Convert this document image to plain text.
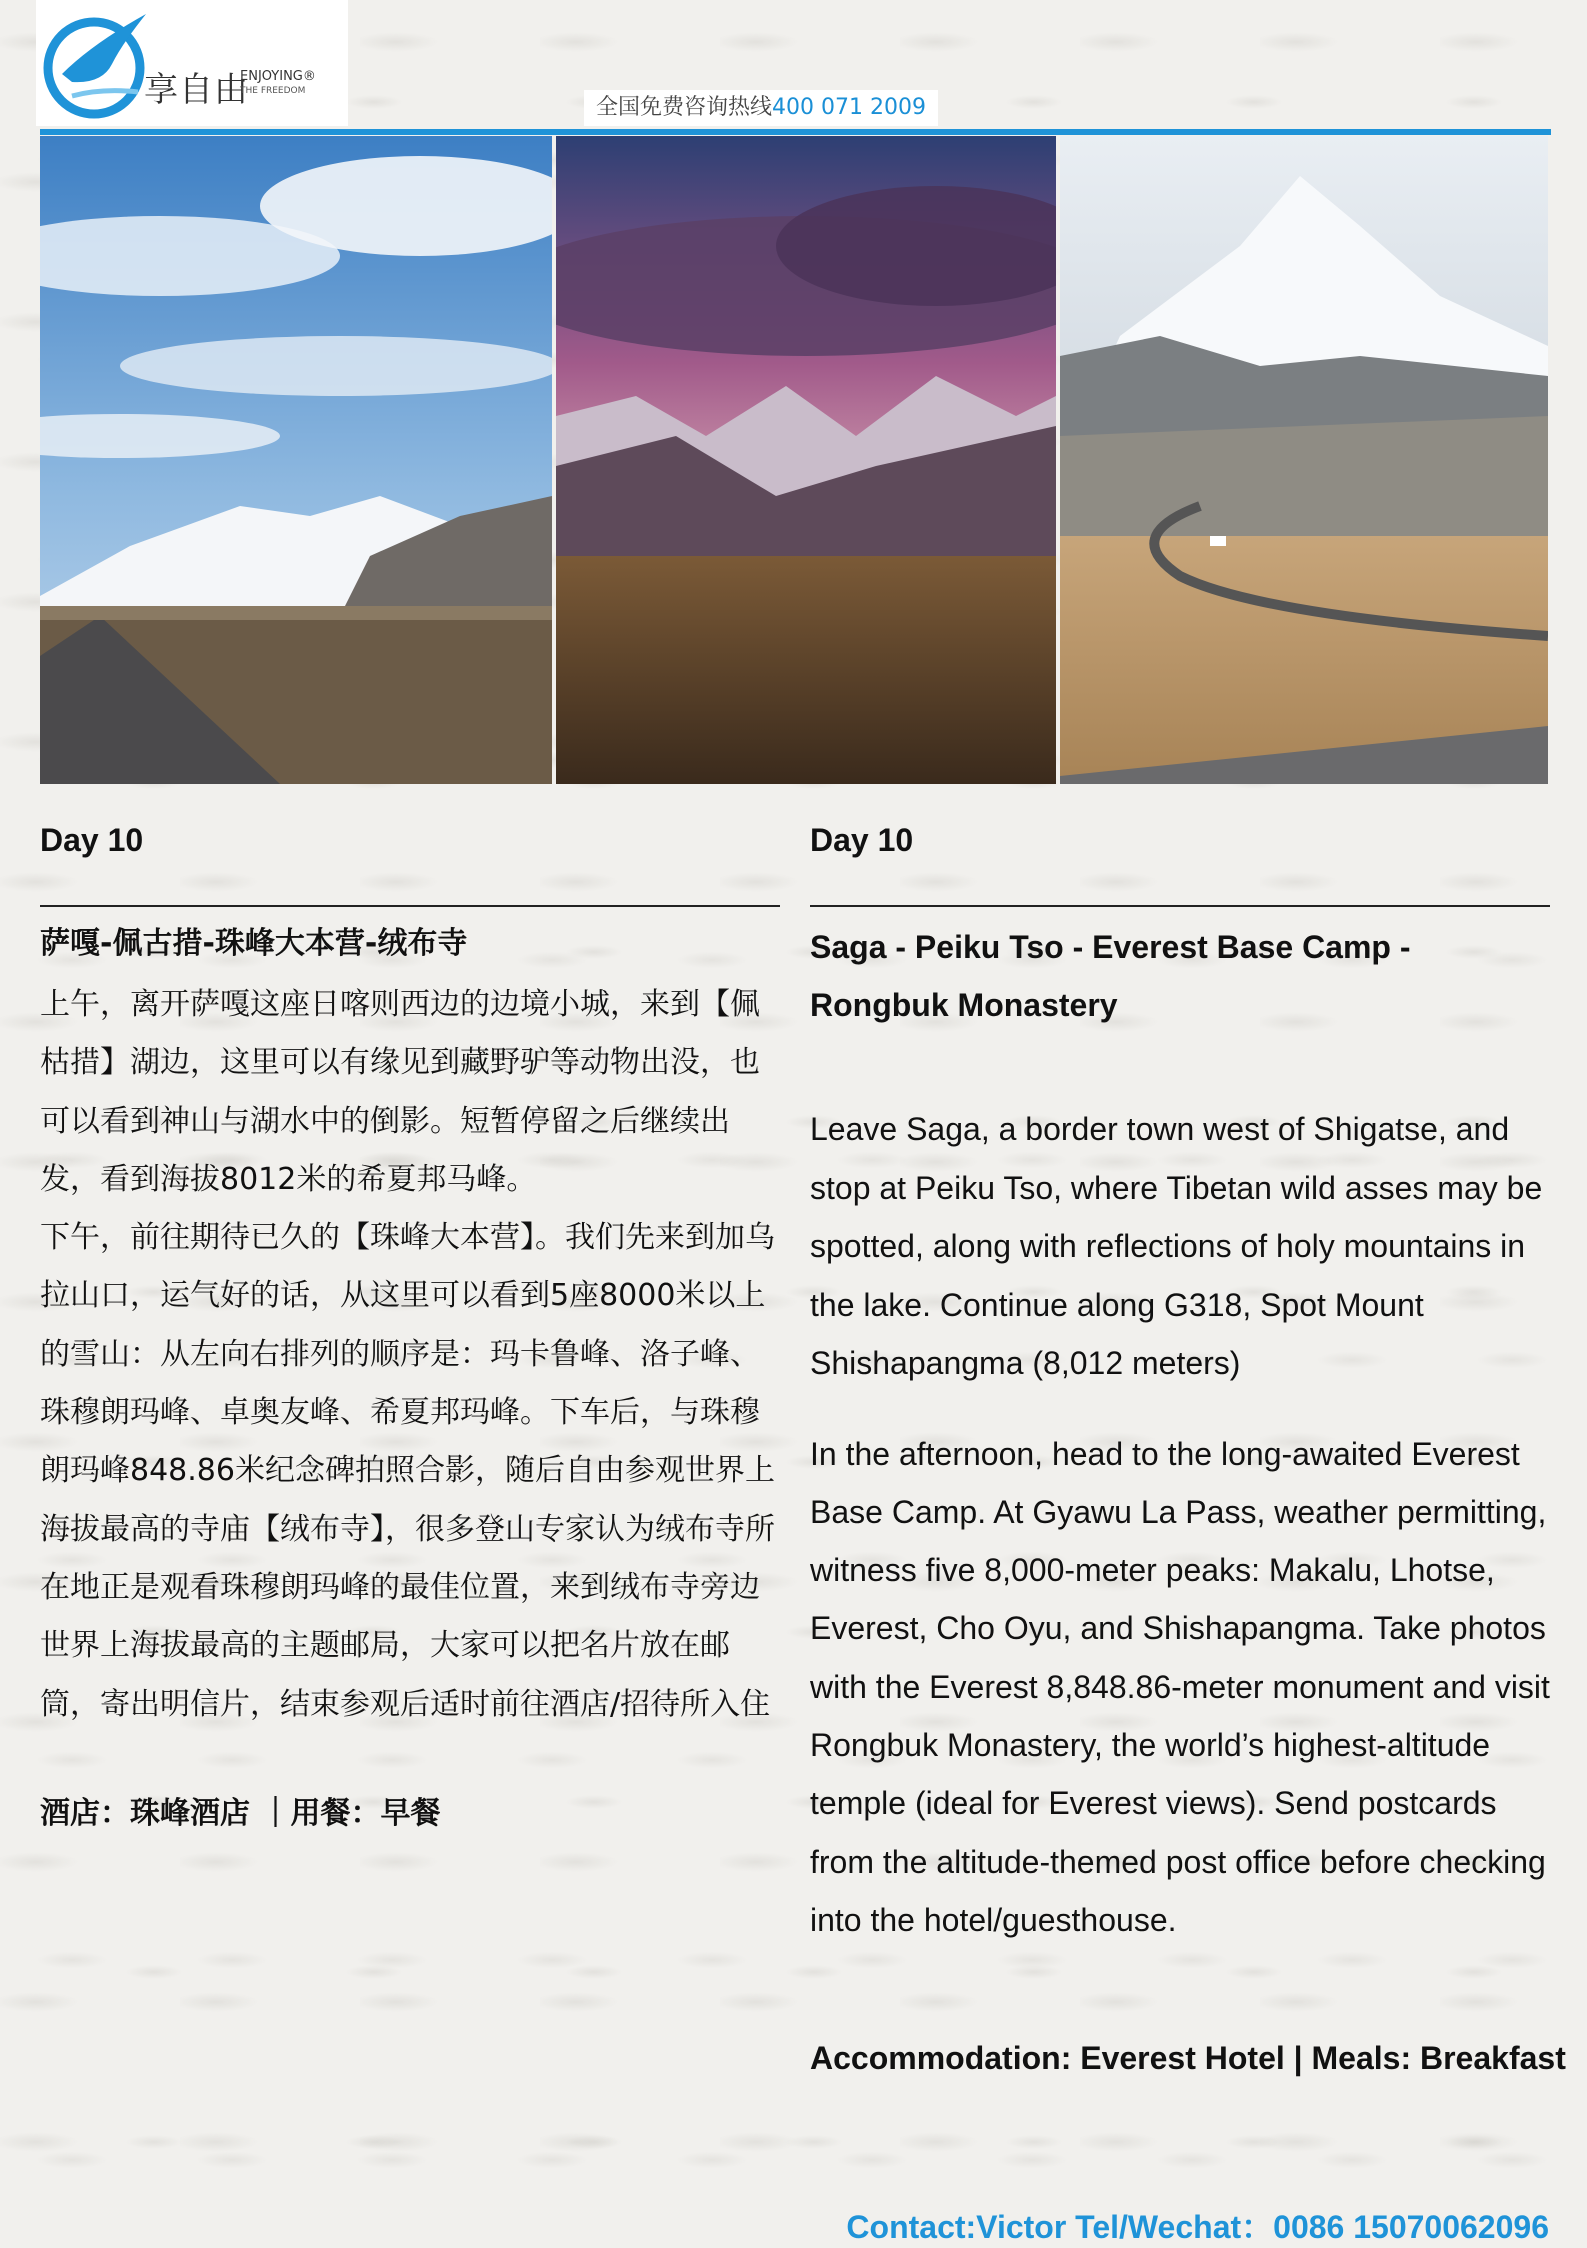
享自由
ENJOYING®
THE FREEDOM
全国免费咨询热线400 071 2009
Day 10
萨嘎-佩古措-珠峰大本营-绒布寺

上午，离开萨嘎这座日喀则西边的边境小城，来到【佩枯措】湖边，这里可以有缘见到藏野驴等动物出没，也可以看到神山与湖水中的倒影。短暂停留之后继续出发，看到海拔8012米的希夏邦马峰。

下午，前往期待已久的【珠峰大本营】。我们先来到加乌拉山口，运气好的话，从这里可以看到5座8000米以上的雪山：从左向右排列的顺序是：玛卡鲁峰、洛子峰、珠穆朗玛峰、卓奥友峰、希夏邦玛峰。下车后，与珠穆朗玛峰848.86米纪念碑拍照合影，随后自由参观世界上海拔最高的寺庙【绒布寺】，很多登山专家认为绒布寺所在地正是观看珠穆朗玛峰的最佳位置，来到绒布寺旁边世界上海拔最高的主题邮局，大家可以把名片放在邮筒，寄出明信片，结束参观后适时前往酒店/招待所入住

酒店：珠峰酒店 ｜用餐：早餐
Day 10
Saga - Peiku Tso - Everest Base Camp - Rongbuk Monastery

Leave Saga, a border town west of Shigatse, and stop at Peiku Tso, where Tibetan wild asses may be spotted, along with reflections of holy mountains in the lake. Continue along G318, Spot Mount Shishapangma (8,012 meters)

In the afternoon, head to the long-awaited Everest Base Camp. At Gyawu La Pass, weather permitting, witness five 8,000-meter peaks: Makalu, Lhotse, Everest, Cho Oyu, and Shishapangma. Take photos with the Everest 8,848.86-meter monument and visit Rongbuk Monastery, the world’s highest-altitude temple (ideal for Everest views). Send postcards from the altitude-themed post office before checking into the hotel/guesthouse.

Accommodation: Everest Hotel | Meals: Breakfast
Contact:Victor Tel/Wechat：0086 15070062096
